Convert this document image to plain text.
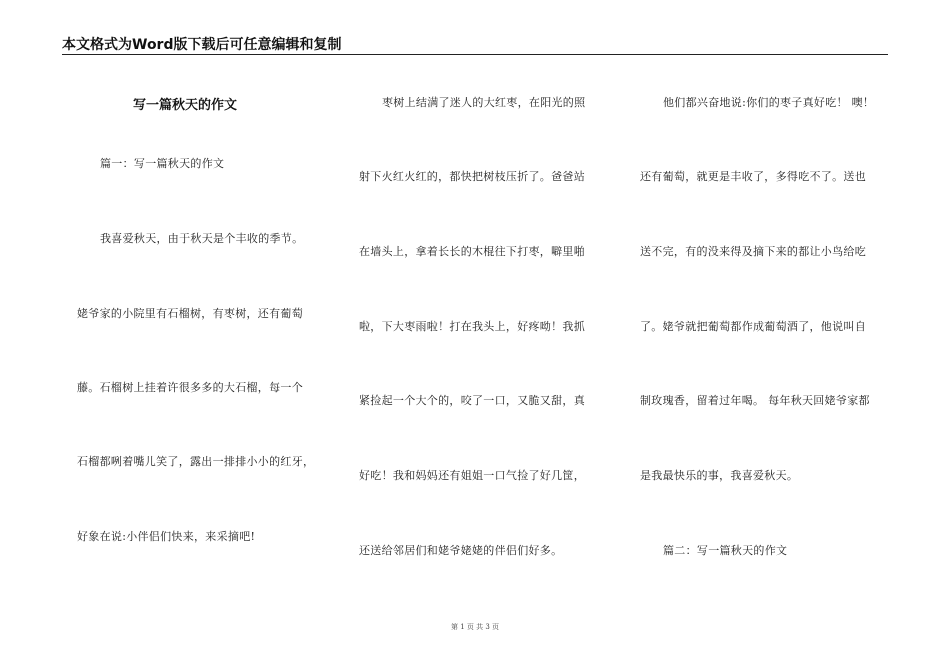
本文格式为Word版下载后可任意编辑和复制
写一篇秋天的作文
篇一：写一篇秋天的作文
我喜爱秋天，由于秋天是个丰收的季节。
姥爷家的小院里有石榴树，有枣树，还有葡萄
藤。石榴树上挂着许很多多的大石榴，每一个
石榴都咧着嘴儿笑了，露出一排排小小的红牙，
好象在说:小伴侣们快来，来采摘吧!
枣树上结满了迷人的大红枣，在阳光的照
射下火红火红的，都快把树枝压折了。爸爸站
在墙头上，拿着长长的木棍往下打枣，噼里啪
啦，下大枣雨啦！打在我头上，好疼呦！我抓
紧捡起一个大个的，咬了一口，又脆又甜，真
好吃！我和妈妈还有姐姐一口气捡了好几筐，
还送给邻居们和姥爷姥姥的伴侣们好多。
他们都兴奋地说:你们的枣子真好吃！ 噢！
还有葡萄，就更是丰收了，多得吃不了。送也
送不完，有的没来得及摘下来的都让小鸟给吃
了。姥爷就把葡萄都作成葡萄酒了，他说叫自
制玫瑰香，留着过年喝。 每年秋天回姥爷家都
是我最快乐的事，我喜爱秋天。
篇二：写一篇秋天的作文
第 1 页 共 3 页
